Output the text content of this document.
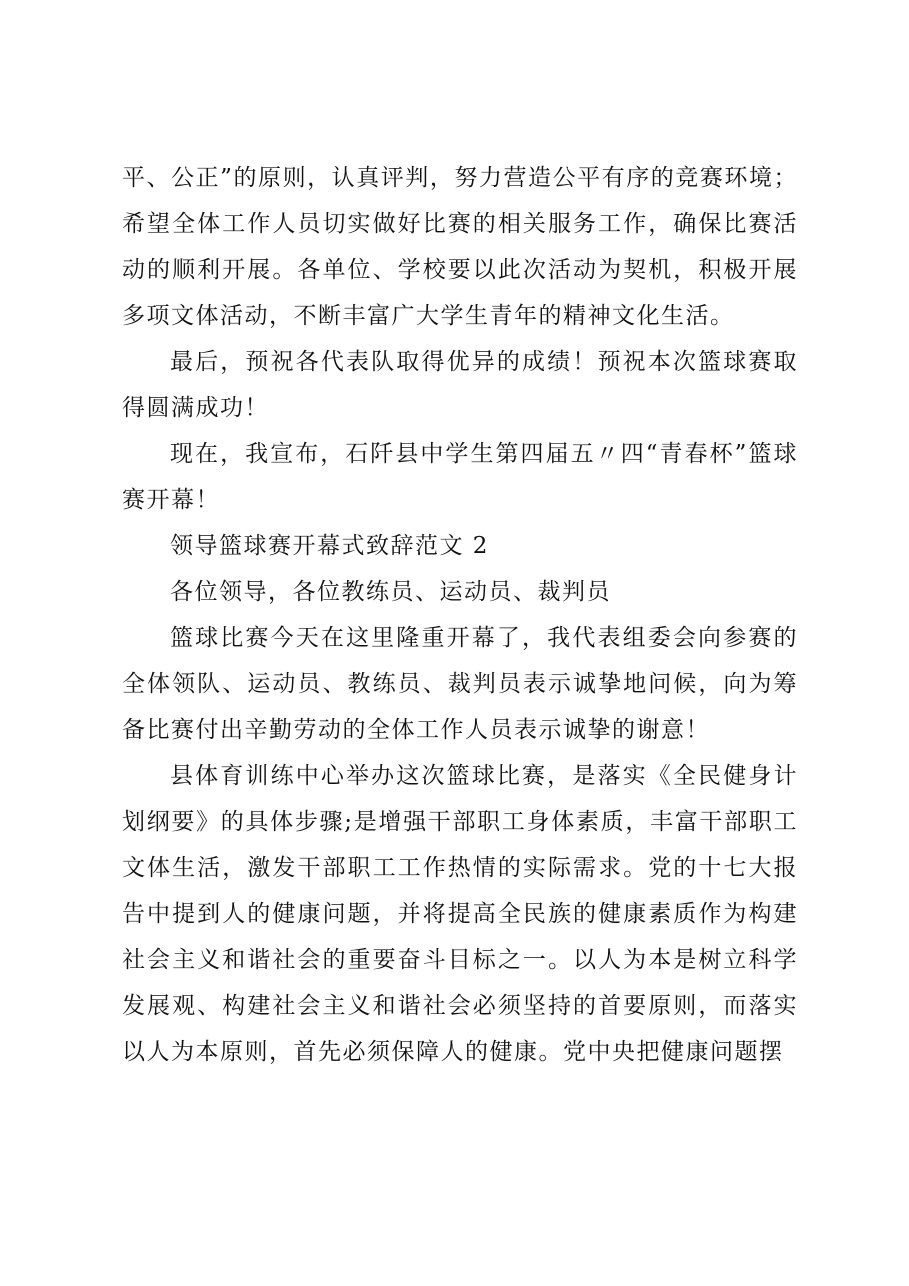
平、公正”的原则，认真评判，努力营造公平有序的竞赛环境；希望全体工作人员切实做好比赛的相关服务工作，确保比赛活动的顺利开展。各单位、学校要以此次活动为契机，积极开展多项文体活动，不断丰富广大学生青年的精神文化生活。

最后，预祝各代表队取得优异的成绩！预祝本次篮球赛取得圆满成功！

现在，我宣布，石阡县中学生第四届五〃四“青春杯”篮球赛开幕！

领导篮球赛开幕式致辞范文 2

各位领导，各位教练员、运动员、裁判员

篮球比赛今天在这里隆重开幕了，我代表组委会向参赛的全体领队、运动员、教练员、裁判员表示诚挚地问候，向为筹备比赛付出辛勤劳动的全体工作人员表示诚挚的谢意！

县体育训练中心举办这次篮球比赛，是落实《全民健身计划纲要》的具体步骤;是增强干部职工身体素质，丰富干部职工文体生活，激发干部职工工作热情的实际需求。党的十七大报告中提到人的健康问题，并将提高全民族的健康素质作为构建社会主义和谐社会的重要奋斗目标之一。以人为本是树立科学发展观、构建社会主义和谐社会必须坚持的首要原则，而落实以人为本原则，首先必须保障人的健康。党中央把健康问题摆
